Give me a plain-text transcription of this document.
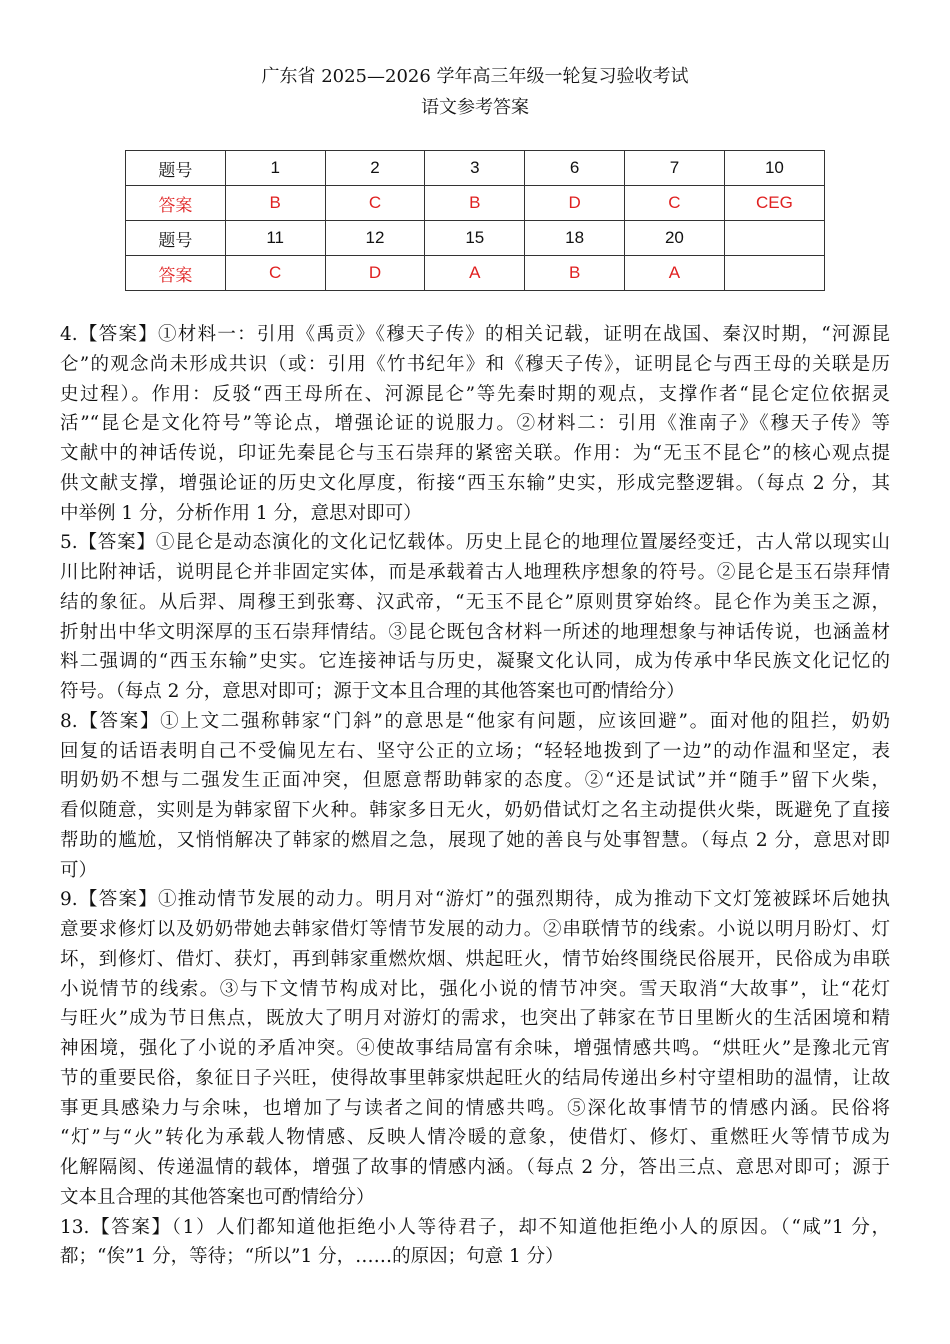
广东省 2025—2026 学年高三年级一轮复习验收考试
语文参考答案
题号	1	2	3	6	7	10
答案	B	C	B	D	C	CEG
题号	11	12	15	18	20	
答案	C	D	A	B	A	
4.【答案】①材料一：引用《禹贡》《穆天子传》的相关记载，证明在战国、秦汉时期，“河源昆
仑”的观念尚未形成共识（或：引用《竹书纪年》和《穆天子传》，证明昆仑与西王母的关联是历
史过程）。作用：反驳“西王母所在、河源昆仑”等先秦时期的观点，支撑作者“昆仑定位依据灵
活”“昆仑是文化符号”等论点，增强论证的说服力。②材料二：引用《淮南子》《穆天子传》等
文献中的神话传说，印证先秦昆仑与玉石崇拜的紧密关联。作用：为“无玉不昆仑”的核心观点提
供文献支撑，增强论证的历史文化厚度，衔接“西玉东输”史实，形成完整逻辑。（每点 2 分，其
中举例 1 分，分析作用 1 分，意思对即可）
5.【答案】①昆仑是动态演化的文化记忆载体。历史上昆仑的地理位置屡经变迁，古人常以现实山
川比附神话，说明昆仑并非固定实体，而是承载着古人地理秩序想象的符号。②昆仑是玉石崇拜情
结的象征。从后羿、周穆王到张骞、汉武帝，“无玉不昆仑”原则贯穿始终。昆仑作为美玉之源，
折射出中华文明深厚的玉石崇拜情结。③昆仑既包含材料一所述的地理想象与神话传说，也涵盖材
料二强调的“西玉东输”史实。它连接神话与历史，凝聚文化认同，成为传承中华民族文化记忆的
符号。（每点 2 分，意思对即可；源于文本且合理的其他答案也可酌情给分）
8.【答案】①上文二强称韩家“门斜”的意思是“他家有问题，应该回避”。面对他的阻拦，奶奶
回复的话语表明自己不受偏见左右、坚守公正的立场；“轻轻地拨到了一边”的动作温和坚定，表
明奶奶不想与二强发生正面冲突，但愿意帮助韩家的态度。②“还是试试”并“随手”留下火柴，
看似随意，实则是为韩家留下火种。韩家多日无火，奶奶借试灯之名主动提供火柴，既避免了直接
帮助的尴尬，又悄悄解决了韩家的燃眉之急，展现了她的善良与处事智慧。（每点 2 分，意思对即
可）
9.【答案】①推动情节发展的动力。明月对“游灯”的强烈期待，成为推动下文灯笼被踩坏后她执
意要求修灯以及奶奶带她去韩家借灯等情节发展的动力。②串联情节的线索。小说以明月盼灯、灯
坏，到修灯、借灯、获灯，再到韩家重燃炊烟、烘起旺火，情节始终围绕民俗展开，民俗成为串联
小说情节的线索。③与下文情节构成对比，强化小说的情节冲突。雪天取消“大故事”，让“花灯
与旺火”成为节日焦点，既放大了明月对游灯的需求，也突出了韩家在节日里断火的生活困境和精
神困境，强化了小说的矛盾冲突。④使故事结局富有余味，增强情感共鸣。“烘旺火”是豫北元宵
节的重要民俗，象征日子兴旺，使得故事里韩家烘起旺火的结局传递出乡村守望相助的温情，让故
事更具感染力与余味，也增加了与读者之间的情感共鸣。⑤深化故事情节的情感内涵。民俗将
“灯”与“火”转化为承载人物情感、反映人情冷暖的意象，使借灯、修灯、重燃旺火等情节成为
化解隔阂、传递温情的载体，增强了故事的情感内涵。（每点 2 分，答出三点、意思对即可；源于
文本且合理的其他答案也可酌情给分）
13.【答案】（1）人们都知道他拒绝小人等待君子，却不知道他拒绝小人的原因。（“咸”1 分，
都；“俟”1 分，等待；“所以”1 分，……的原因；句意 1 分）
